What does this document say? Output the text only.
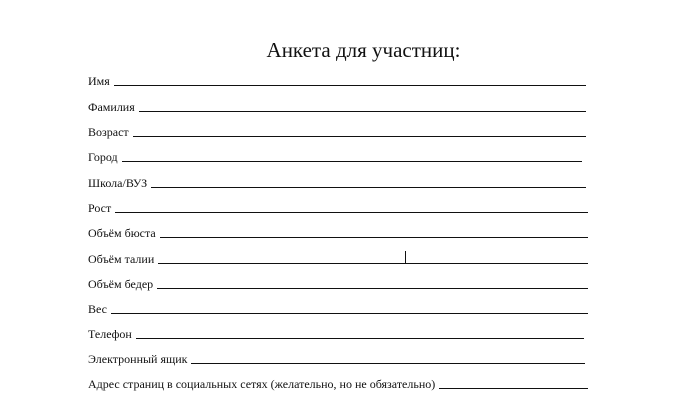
Анкета для участниц:
Имя
Фамилия
Возраст
Город
Школа/ВУЗ
Рост
Объём бюста
Объём талии
Объём бедер
Вес
Телефон
Электронный ящик
Адрес страниц в социальных сетях (желательно, но не обязательно)
